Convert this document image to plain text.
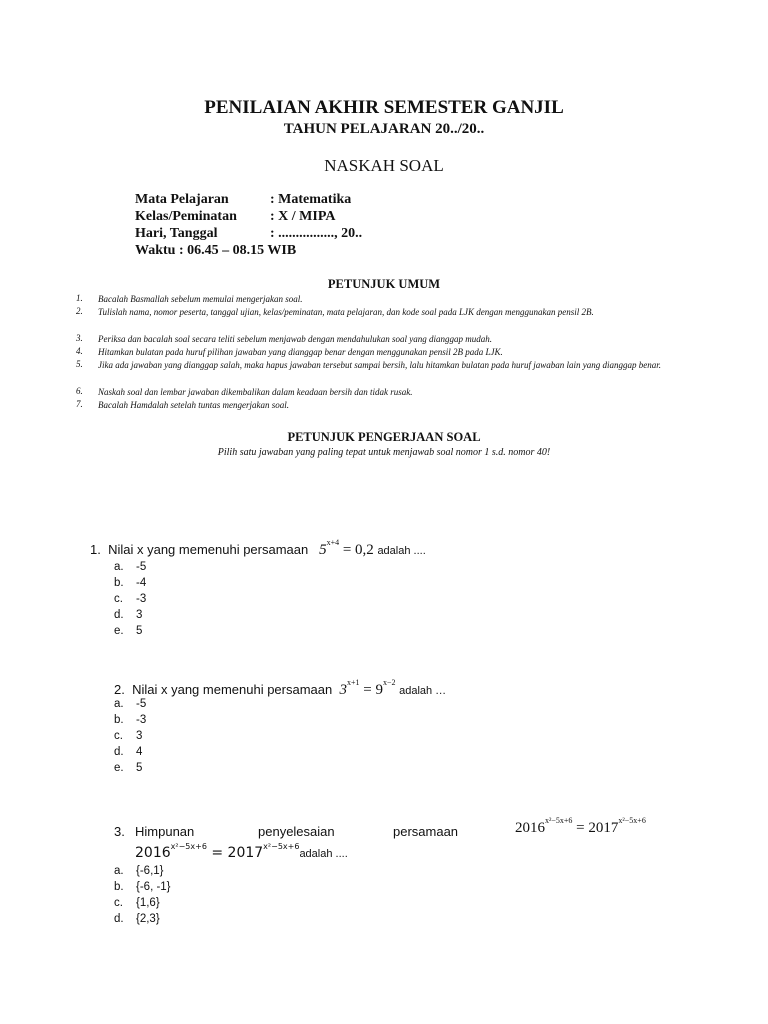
PENILAIAN AKHIR SEMESTER GANJIL
TAHUN PELAJARAN 20../20..
NASKAH SOAL
Mata Pelajaran	: Matematika
Kelas/Peminatan : X / MIPA
Hari, Tanggal	: ................, 20..
Waktu : 06.45 – 08.15 WIB
PETUNJUK UMUM
1. Bacalah Basmallah sebelum memulai mengerjakan soal.
2. Tulislah nama, nomor peserta, tanggal ujian, kelas/peminatan, mata pelajaran, dan kode soal pada LJK dengan menggunakan pensil 2B.
3. Periksa dan bacalah soal secara teliti sebelum menjawab dengan mendahulukan soal yang dianggap mudah.
4. Hitamkan bulatan pada huruf pilihan jawaban yang dianggap benar dengan menggunakan pensil 2B pada LJK.
5. Jika ada jawaban yang dianggap salah, maka hapus jawaban tersebut sampai bersih, lalu hitamkan bulatan pada huruf jawaban lain yang dianggap benar.
6. Naskah soal dan lembar jawaban dikembalikan dalam keadaan bersih dan tidak rusak.
7. Bacalah Hamdalah setelah tuntas mengerjakan soal.
PETUNJUK PENGERJAAN SOAL
Pilih satu jawaban yang paling tepat untuk menjawab soal nomor 1 s.d. nomor 40!
1. Nilai x yang memenuhi persamaan $5^{x+4} = 0,2$ adalah ....
a. -5
b. -4
c. -3
d. 3
e. 5
2. Nilai x yang memenuhi persamaan $3^{x+1} = 9^{x-2}$ adalah …
a. -5
b. -3
c. 3
d. 4
e. 5
3. Himpunan	penyelesaian	persamaan	$2016^{x^2-5x+6} = 2017^{x^2-5x+6}$
$2016^{x^2-5x+6}$ = $2017^{x^2-5x+6}adalah$ ....
a. {-6,1}
b. {-6, -1}
c. {1,6}
d. {2,3}
